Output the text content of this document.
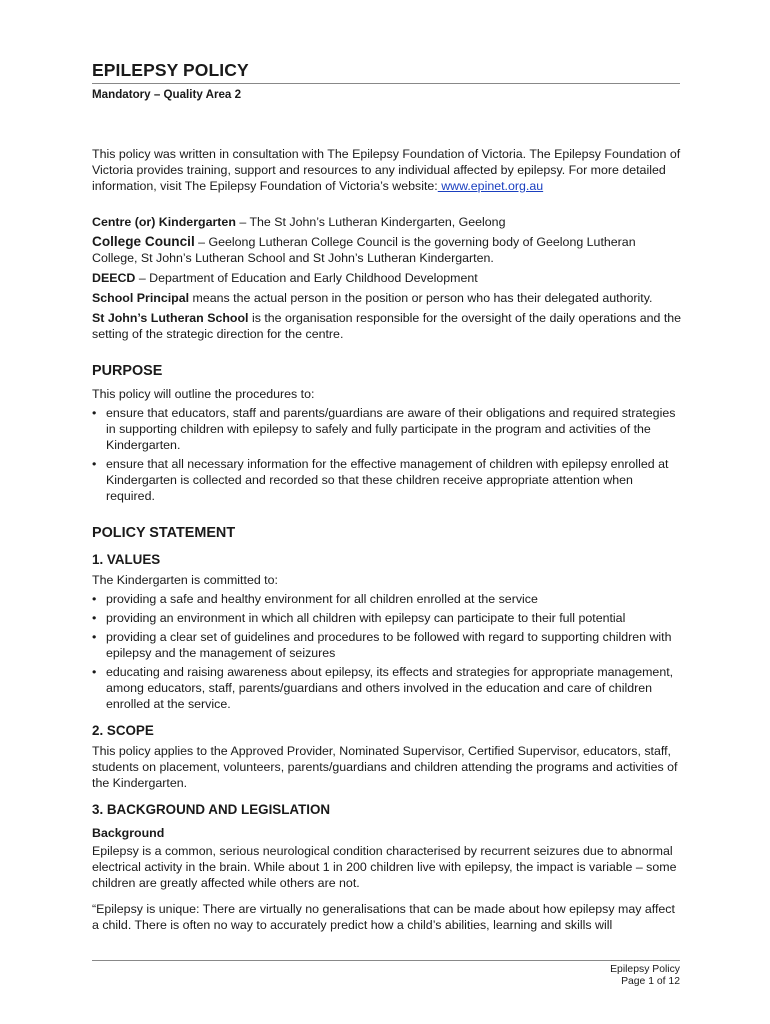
EPILEPSY POLICY
Mandatory – Quality Area 2

This policy was written in consultation with The Epilepsy Foundation of Victoria. The Epilepsy Foundation of Victoria provides training, support and resources to any individual affected by epilepsy. For more detailed information, visit The Epilepsy Foundation of Victoria’s website: www.epinet.org.au

Centre (or) Kindergarten – The St John’s Lutheran Kindergarten, Geelong

College Council – Geelong Lutheran College Council is the governing body of Geelong Lutheran College, St John’s Lutheran School and St John’s Lutheran Kindergarten.

DEECD – Department of Education and Early Childhood Development

School Principal means the actual person in the position or person who has their delegated authority.

St John’s Lutheran School is the organisation responsible for the oversight of the daily operations and the setting of the strategic direction for the centre.

PURPOSE

This policy will outline the procedures to:

• ensure that educators, staff and parents/guardians are aware of their obligations and required strategies in supporting children with epilepsy to safely and fully participate in the program and activities of the Kindergarten.
• ensure that all necessary information for the effective management of children with epilepsy enrolled at Kindergarten is collected and recorded so that these children receive appropriate attention when required.
POLICY STATEMENT
1. VALUES

The Kindergarten is committed to:

• providing a safe and healthy environment for all children enrolled at the service
• providing an environment in which all children with epilepsy can participate to their full potential
• providing a clear set of guidelines and procedures to be followed with regard to supporting children with epilepsy and the management of seizures
• educating and raising awareness about epilepsy, its effects and strategies for appropriate management, among educators, staff, parents/guardians and others involved in the education and care of children enrolled at the service.
2. SCOPE

This policy applies to the Approved Provider, Nominated Supervisor, Certified Supervisor, educators, staff, students on placement, volunteers, parents/guardians and children attending the programs and activities of the Kindergarten.

3. BACKGROUND AND LEGISLATION
Background

Epilepsy is a common, serious neurological condition characterised by recurrent seizures due to abnormal electrical activity in the brain. While about 1 in 200 children live with epilepsy, the impact is variable – some children are greatly affected while others are not.

“Epilepsy is unique: There are virtually no generalisations that can be made about how epilepsy may affect a child. There is often no way to accurately predict how a child’s abilities, learning and skills will

Epilepsy Policy
Page 1 of 12
